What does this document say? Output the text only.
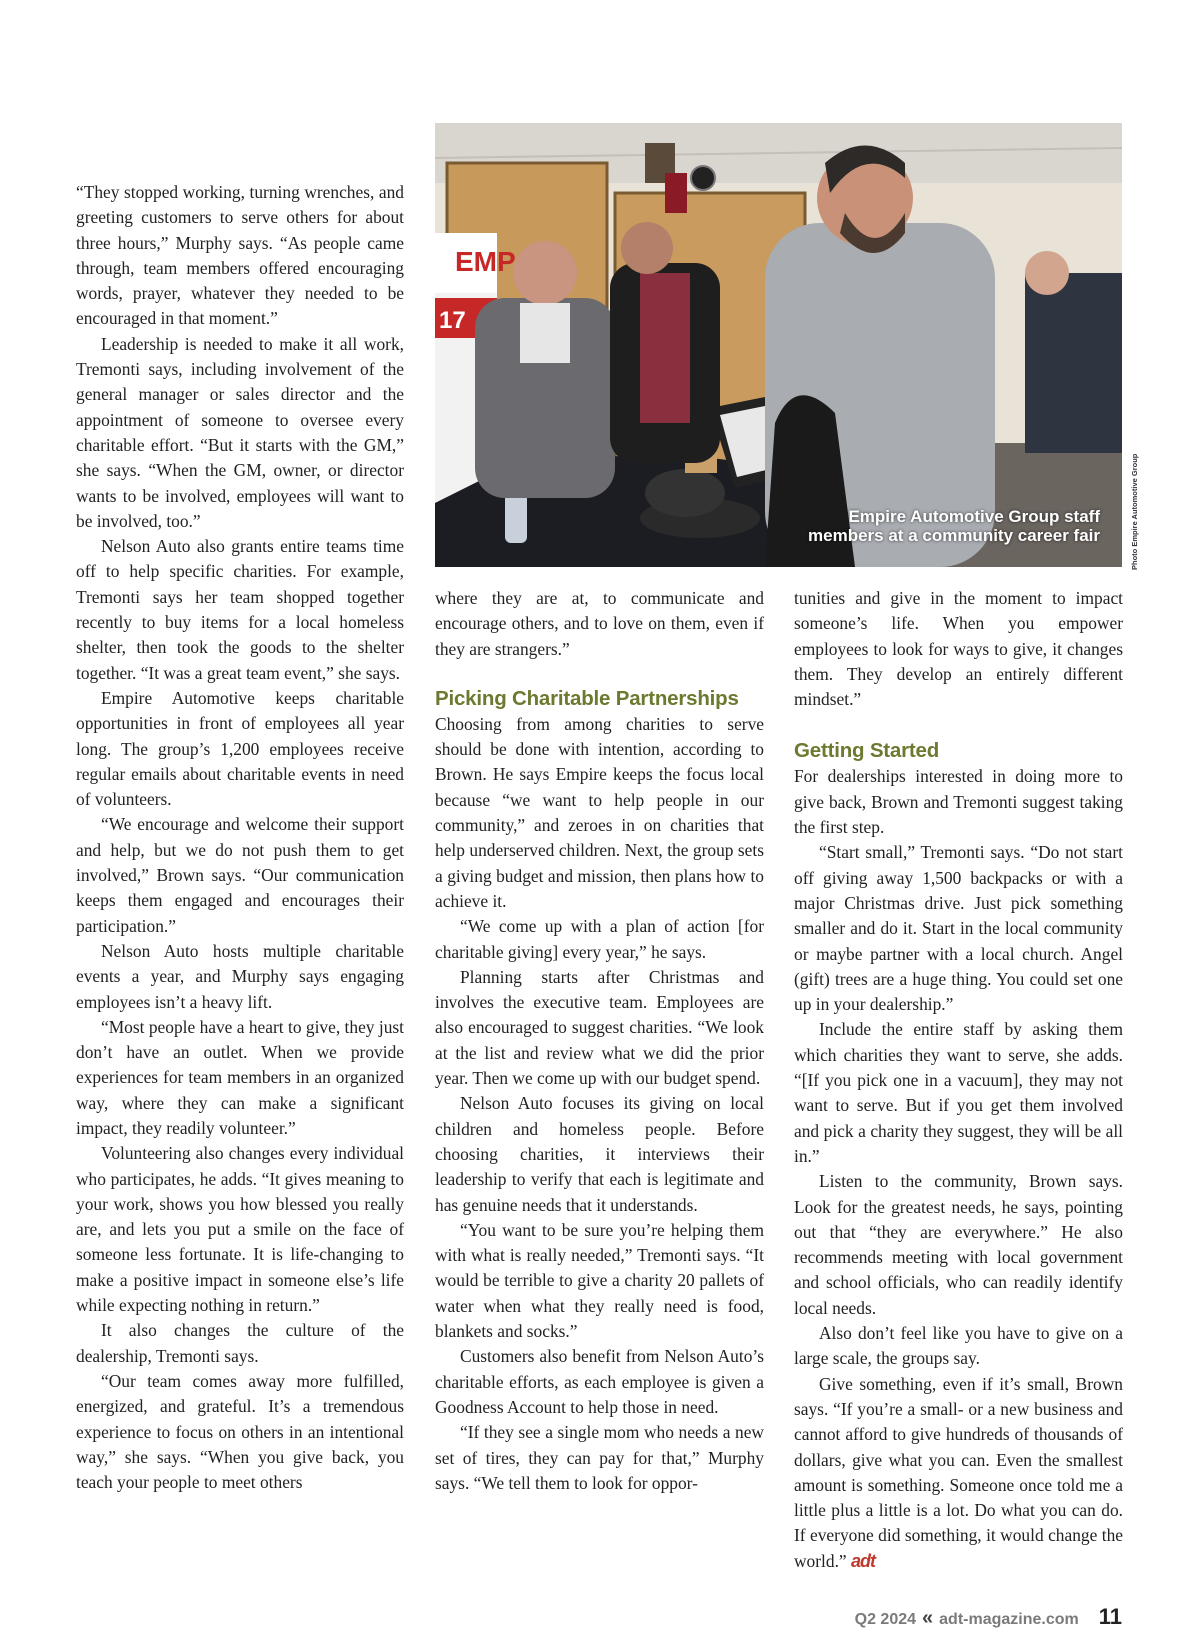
“They stopped working, turning wrenches, and greeting customers to serve others for about three hours,” Murphy says. “As people came through, team members offered encouraging words, prayer, whatever they needed to be encouraged in that moment.”

Leadership is needed to make it all work, Tremonti says, including involvement of the general manager or sales director and the appointment of someone to oversee every charitable effort. “But it starts with the GM,” she says. “When the GM, owner, or director wants to be involved, employees will want to be involved, too.”

Nelson Auto also grants entire teams time off to help specific charities. For example, Tremonti says her team shopped together recently to buy items for a local homeless shelter, then took the goods to the shelter together. “It was a great team event,” she says.

Empire Automotive keeps charitable opportunities in front of employees all year long. The group’s 1,200 employees receive regular emails about charitable events in need of volunteers.

“We encourage and welcome their support and help, but we do not push them to get involved,” Brown says. “Our communication keeps them engaged and encourages their participation.”

Nelson Auto hosts multiple charitable events a year, and Murphy says engaging employees isn’t a heavy lift.

“Most people have a heart to give, they just don’t have an outlet. When we provide experiences for team members in an organized way, where they can make a significant impact, they readily volunteer.”

Volunteering also changes every individual who participates, he adds. “It gives meaning to your work, shows you how blessed you really are, and lets you put a smile on the face of someone less fortunate. It is life-changing to make a positive impact in someone else’s life while expecting nothing in return.”

It also changes the culture of the dealership, Tremonti says.

“Our team comes away more fulfilled, energized, and grateful. It’s a tremendous experience to focus on others in an intentional way,” she says. “When you give back, you teach your people to meet others

EMP
17
Empire Automotive Group staff
members at a community career fair	Photo Empire Automotive Group

where they are at, to communicate and encourage others, and to love on them, even if they are strangers.”

Picking Charitable Partnerships

Choosing from among charities to serve should be done with intention, according to Brown. He says Empire keeps the focus local because “we want to help people in our community,” and zeroes in on charities that help underserved children. Next, the group sets a giving budget and mission, then plans how to achieve it.

“We come up with a plan of action [for charitable giving] every year,” he says.

Planning starts after Christmas and involves the executive team. Employees are also encouraged to suggest charities. “We look at the list and review what we did the prior year. Then we come up with our budget spend.

Nelson Auto focuses its giving on local children and homeless people. Before choosing charities, it interviews their leadership to verify that each is legitimate and has genuine needs that it understands.

“You want to be sure you’re helping them with what is really needed,” Tremonti says. “It would be terrible to give a charity 20 pallets of water when what they really need is food, blankets and socks.”

Customers also benefit from Nelson Auto’s charitable efforts, as each employee is given a Goodness Account to help those in need.

“If they see a single mom who needs a new set of tires, they can pay for that,” Murphy says. “We tell them to look for oppor-

tunities and give in the moment to impact someone’s life. When you empower employees to look for ways to give, it changes them. They develop an entirely different mindset.”

Getting Started

For dealerships interested in doing more to give back, Brown and Tremonti suggest taking the first step.

“Start small,” Tremonti says. “Do not start off giving away 1,500 backpacks or with a major Christmas drive. Just pick something smaller and do it. Start in the local community or maybe partner with a local church. Angel (gift) trees are a huge thing. You could set one up in your dealership.”

Include the entire staff by asking them which charities they want to serve, she adds. “[If you pick one in a vacuum], they may not want to serve. But if you get them involved and pick a charity they suggest, they will be all in.”

Listen to the community, Brown says. Look for the greatest needs, he says, pointing out that “they are everywhere.” He also recommends meeting with local government and school officials, who can readily identify local needs.

Also don’t feel like you have to give on a large scale, the groups say.

Give something, even if it’s small, Brown says. “If you’re a small- or a new business and cannot afford to give hundreds of thousands of dollars, give what you can. Even the smallest amount is something. Someone once told me a little plus a little is a lot. Do what you can do. If everyone did something, it would change the world.” adt

Q2 2024 « adt-magazine.com 11
